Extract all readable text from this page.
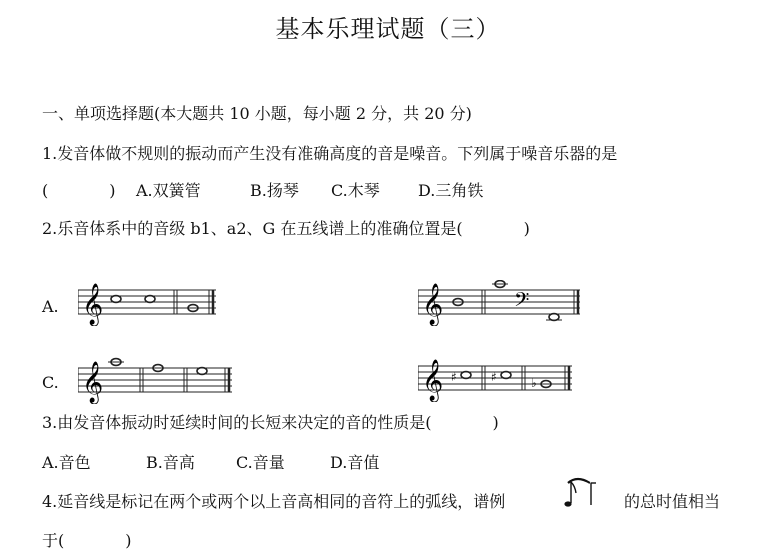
基本乐理试题（三）
一、单项选择题(本大题共 10 小题，每小题 2 分，共 20 分)
1.发音体做不规则的振动而产生没有准确高度的音是噪音。下列属于噪音乐器的是
(            ) A.双簧管	B.扬琴 C.木琴 D.三角铁
2.乐音体系中的音级 b1、a2、G 在五线谱上的准确位置是(            )
A.
C.
𝄞	𝄞	𝄢
𝄞	𝄞 ♯	♯	♭
3.由发音体振动时延续时间的长短来决定的音的性质是(            )
A.音色	B.音高	C.音量	D.音值
4.延音线是标记在两个或两个以上音高相同的音符上的弧线，谱例	的总时值相当
于(            )
